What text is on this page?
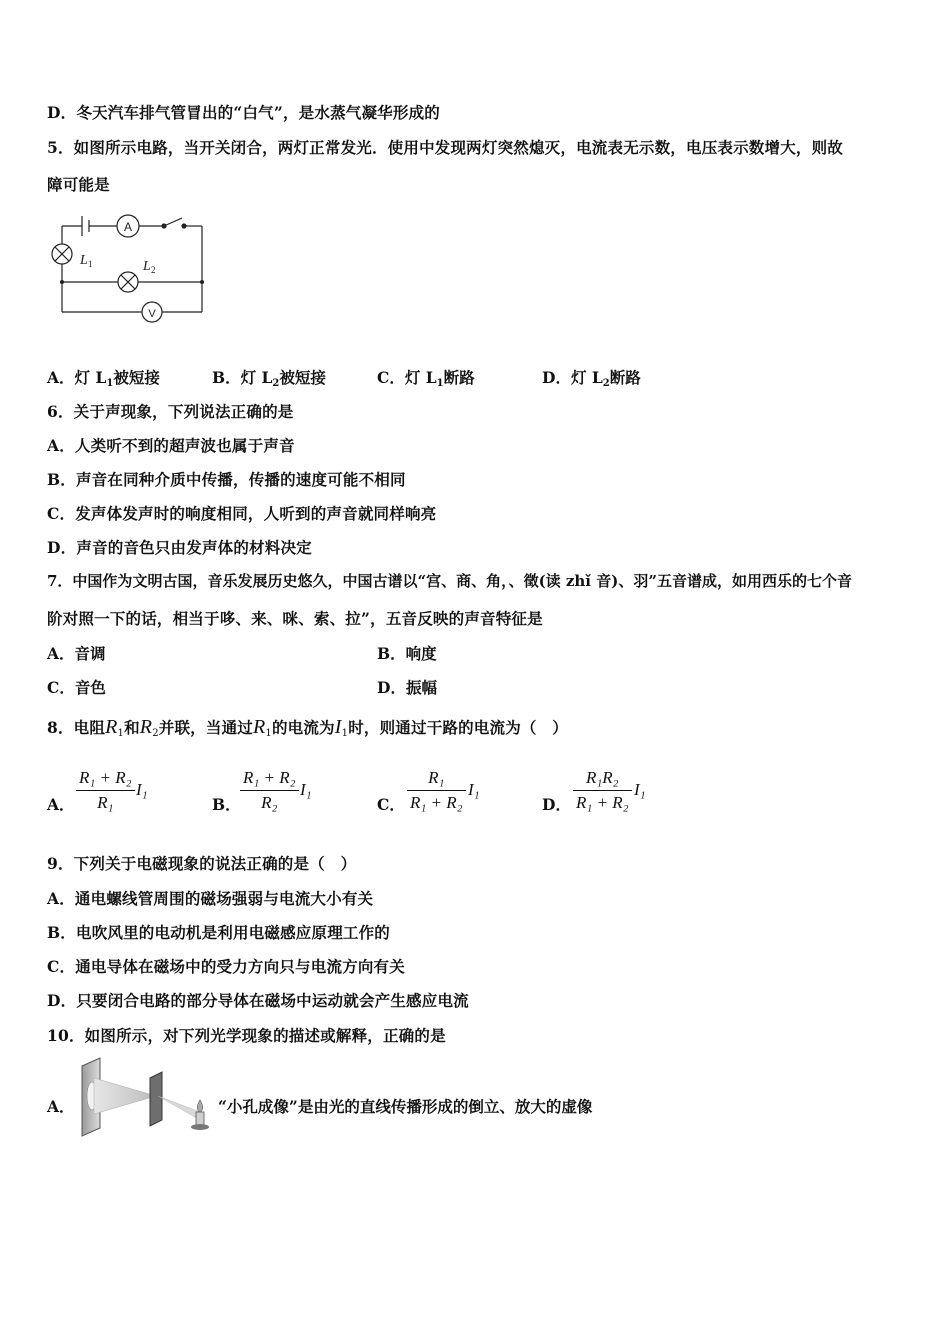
D．冬天汽车排气管冒出的“白气”，是水蒸气凝华形成的
5．如图所示电路，当开关闭合，两灯正常发光．使用中发现两灯突然熄灭，电流表无示数，电压表示数增大，则故
障可能是
A
V
L 1	L 2
A．灯 $L_1$被短接	B．灯 $L_2$被短接	C．灯 $L_1$断路	D．灯 $L_2$断路
6．关于声现象，下列说法正确的是
A．人类听不到的超声波也属于声音
B．声音在同种介质中传播，传播的速度可能不相同
C．发声体发声时的响度相同，人听到的声音就同样响亮
D．声音的音色只由发声体的材料决定
7．中国作为文明古国，音乐发展历史悠久，中国古谱以“宫、商、角，、徵(读 zhǐ 音)、羽”五音谱成，如用西乐的七个音
阶对照一下的话，相当于哆、来、咪、索、拉”，五音反映的声音特征是
A．音调	B．响度
C．音色	D．振幅
8．电阻$R_1$和$R_2$并联，当通过$R_1$的电流为$I_1$时，则通过干路的电流为（　）
A．
R₁ + R₂
R₁
I₁
B．
R₁ + R₂
R₂
I₁
C．
R₁
R₁ + R₂
I₁
D．
R₁R₂
R₁ + R₂
I₁
9．下列关于电磁现象的说法正确的是（　）
A．通电螺线管周围的磁场强弱与电流大小有关
B．电吹风里的电动机是利用电磁感应原理工作的
C．通电导体在磁场中的受力方向只与电流方向有关
D．只要闭合电路的部分导体在磁场中运动就会产生感应电流
10．如图所示，对下列光学现象的描述或解释，正确的是
A．	“小孔成像”是由光的直线传播形成的倒立、放大的虚像
